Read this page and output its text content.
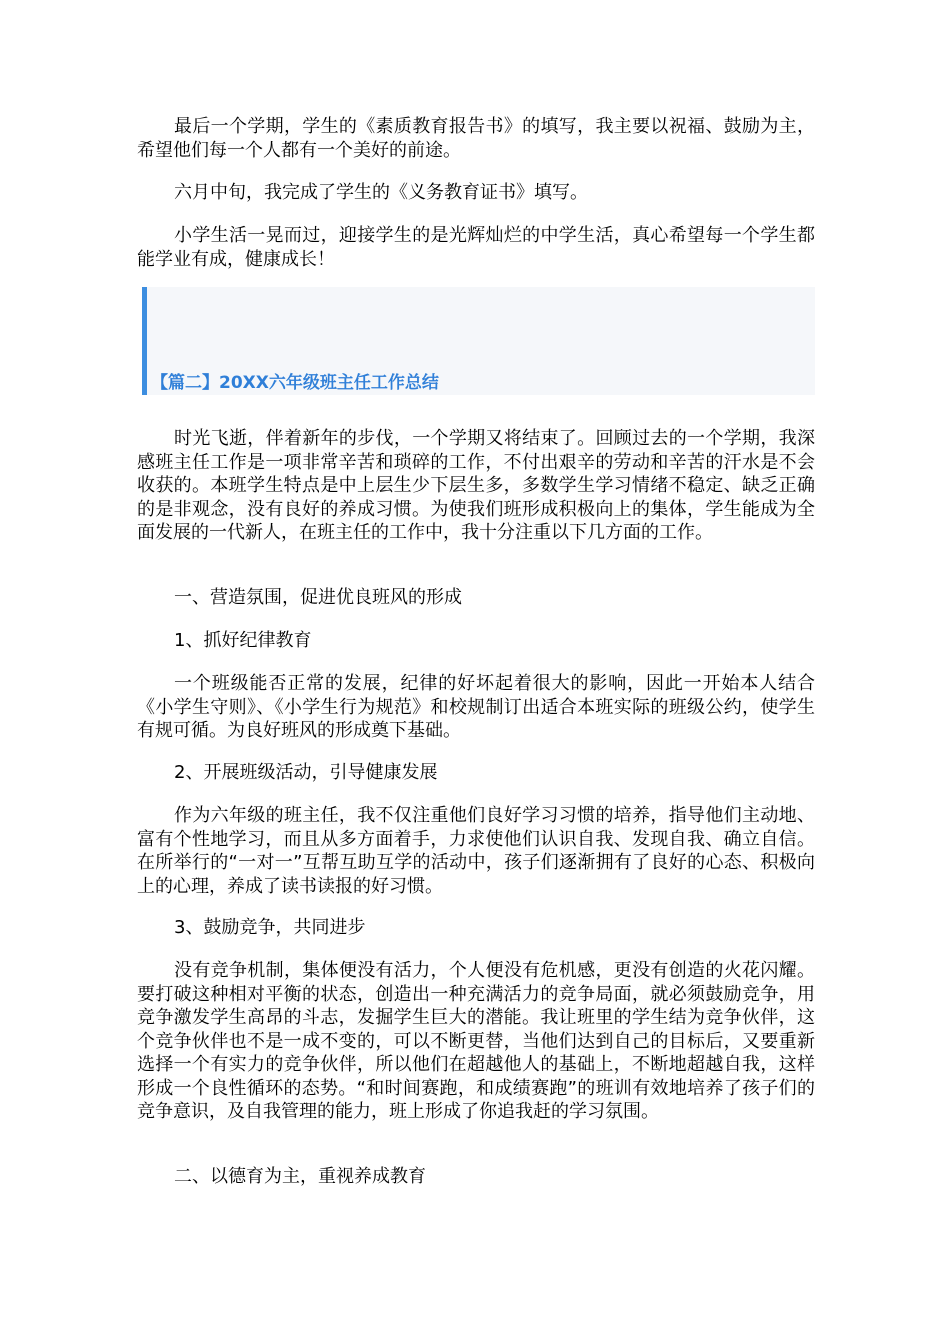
最后一个学期，学生的《素质教育报告书》的填写，我主要以祝福、鼓励为主，希望他们每一个人都有一个美好的前途。

六月中旬，我完成了学生的《义务教育证书》填写。

小学生活一晃而过，迎接学生的是光辉灿烂的中学生活，真心希望每一个学生都能学业有成，健康成长！

【篇二】20XX六年级班主任工作总结

时光飞逝，伴着新年的步伐，一个学期又将结束了。回顾过去的一个学期，我深感班主任工作是一项非常辛苦和琐碎的工作，不付出艰辛的劳动和辛苦的汗水是不会收获的。本班学生特点是中上层生少下层生多，多数学生学习情绪不稳定、缺乏正确的是非观念，没有良好的养成习惯。为使我们班形成积极向上的集体，学生能成为全面发展的一代新人，在班主任的工作中，我十分注重以下几方面的工作。

一、营造氛围，促进优良班风的形成

1、抓好纪律教育

一个班级能否正常的发展，纪律的好坏起着很大的影响，因此一开始本人结合《小学生守则》、《小学生行为规范》和校规制订出适合本班实际的班级公约，使学生有规可循。为良好班风的形成奠下基础。

2、开展班级活动，引导健康发展

作为六年级的班主任，我不仅注重他们良好学习习惯的培养，指导他们主动地、富有个性地学习，而且从多方面着手，力求使他们认识自我、发现自我、确立自信。在所举行的“一对一”互帮互助互学的活动中，孩子们逐渐拥有了良好的心态、积极向上的心理，养成了读书读报的好习惯。

3、鼓励竞争，共同进步

没有竞争机制，集体便没有活力，个人便没有危机感，更没有创造的火花闪耀。要打破这种相对平衡的状态，创造出一种充满活力的竞争局面，就必须鼓励竞争，用竞争激发学生高昂的斗志，发掘学生巨大的潜能。我让班里的学生结为竞争伙伴，这个竞争伙伴也不是一成不变的，可以不断更替，当他们达到自己的目标后，又要重新选择一个有实力的竞争伙伴，所以他们在超越他人的基础上，不断地超越自我，这样形成一个良性循环的态势。“和时间赛跑，和成绩赛跑”的班训有效地培养了孩子们的竞争意识，及自我管理的能力，班上形成了你追我赶的学习氛围。

二、以德育为主，重视养成教育
